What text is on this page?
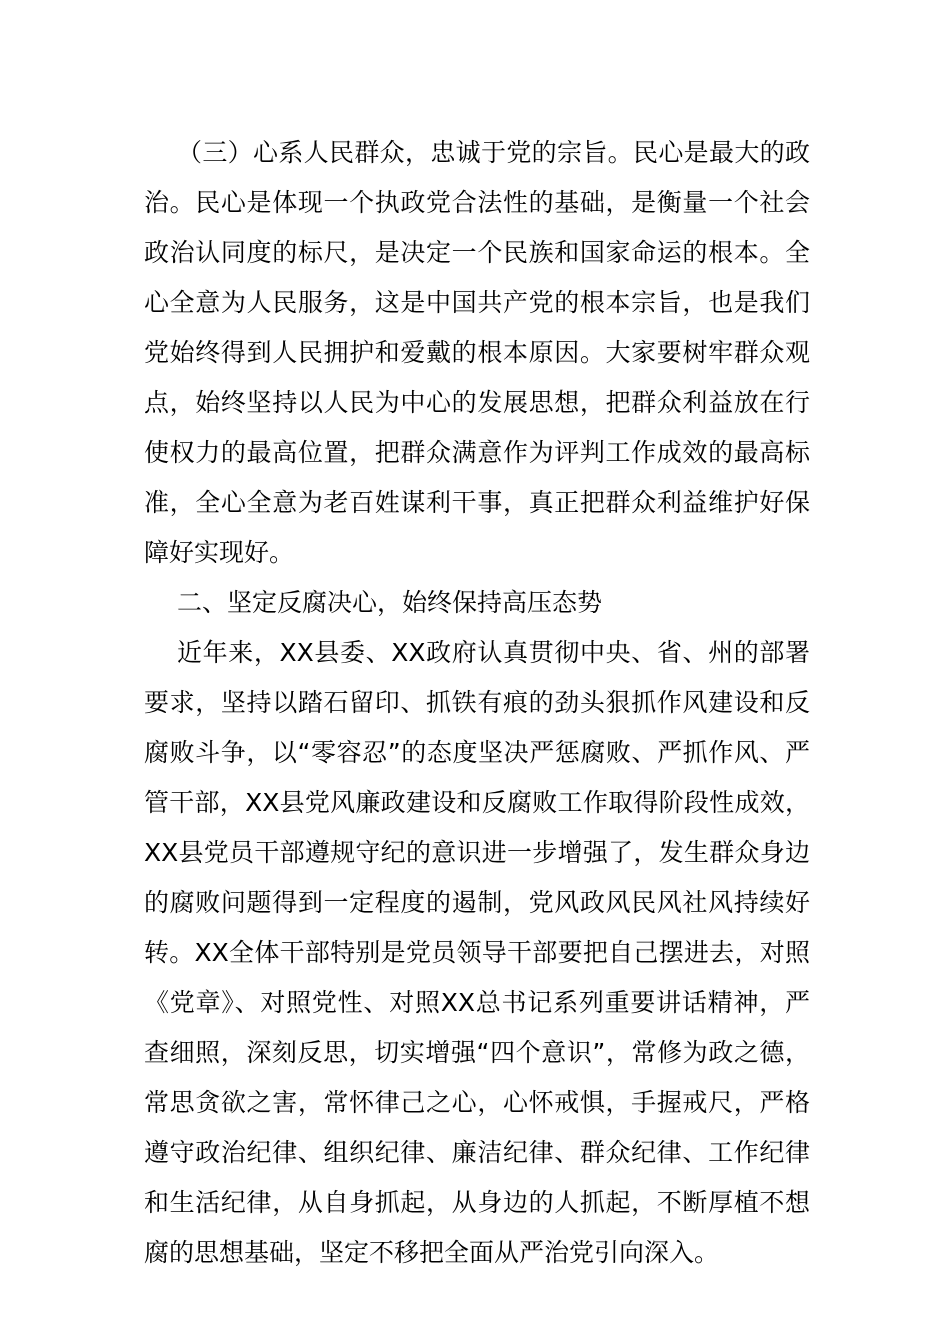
（三）心系人民群众，忠诚于党的宗旨。民心是最大的政治。民心是体现一个执政党合法性的基础，是衡量一个社会政治认同度的标尺，是决定一个民族和国家命运的根本。全心全意为人民服务，这是中国共产党的根本宗旨，也是我们党始终得到人民拥护和爱戴的根本原因。大家要树牢群众观点，始终坚持以人民为中心的发展思想，把群众利益放在行使权力的最高位置，把群众满意作为评判工作成效的最高标准，全心全意为老百姓谋利干事，真正把群众利益维护好保障好实现好。

二、坚定反腐决心，始终保持高压态势

近年来，XX县委、XX政府认真贯彻中央、省、州的部署要求，坚持以踏石留印、抓铁有痕的劲头狠抓作风建设和反腐败斗争，以“零容忍”的态度坚决严惩腐败、严抓作风、严管干部，XX县党风廉政建设和反腐败工作取得阶段性成效，XX县党员干部遵规守纪的意识进一步增强了，发生群众身边的腐败问题得到一定程度的遏制，党风政风民风社风持续好转。XX全体干部特别是党员领导干部要把自己摆进去，对照《党章》、对照党性、对照XX总书记系列重要讲话精神，严查细照，深刻反思，切实增强“四个意识”，常修为政之德，常思贪欲之害，常怀律己之心，心怀戒惧，手握戒尺，严格遵守政治纪律、组织纪律、廉洁纪律、群众纪律、工作纪律和生活纪律，从自身抓起，从身边的人抓起，不断厚植不想腐的思想基础，坚定不移把全面从严治党引向深入。
